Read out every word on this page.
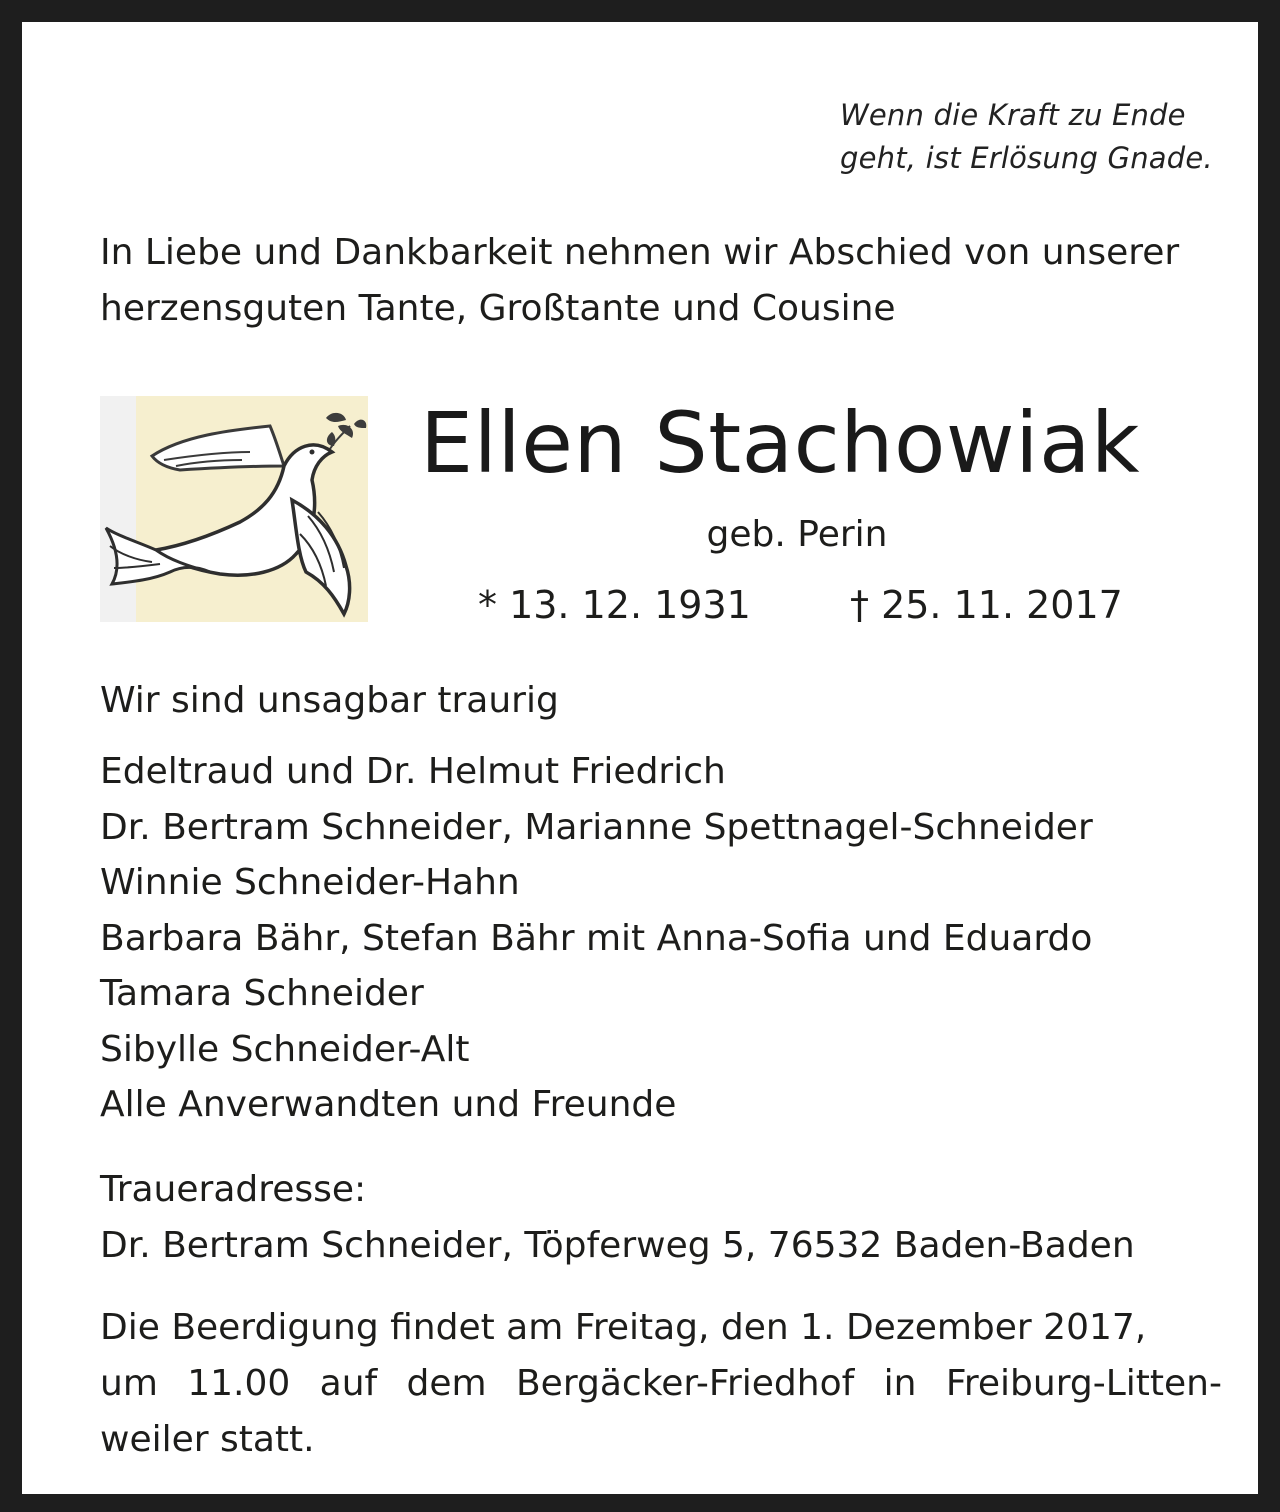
Wenn die Kraft zu Ende
geht, ist Erlösung Gnade.
In Liebe und Dankbarkeit nehmen wir Abschied von unserer
herzensguten Tante, Großtante und Cousine
Ellen Stachowiak
geb. Perin
* 13. 12. 1931	† 25. 11. 2017
Wir sind unsagbar traurig
Edeltraud und Dr. Helmut Friedrich
Dr. Bertram Schneider, Marianne Spettnagel-Schneider
Winnie Schneider-Hahn
Barbara Bähr, Stefan Bähr mit Anna-Sofia und Eduardo
Tamara Schneider
Sibylle Schneider-Alt
Alle Anverwandten und Freunde
Traueradresse:
Dr. Bertram Schneider, Töpferweg 5, 76532 Baden-Baden
Die Beerdigung findet am Freitag, den 1. Dezember 2017,
um 11.00 auf dem Bergäcker-Friedhof in Freiburg-Litten-
weiler statt.
